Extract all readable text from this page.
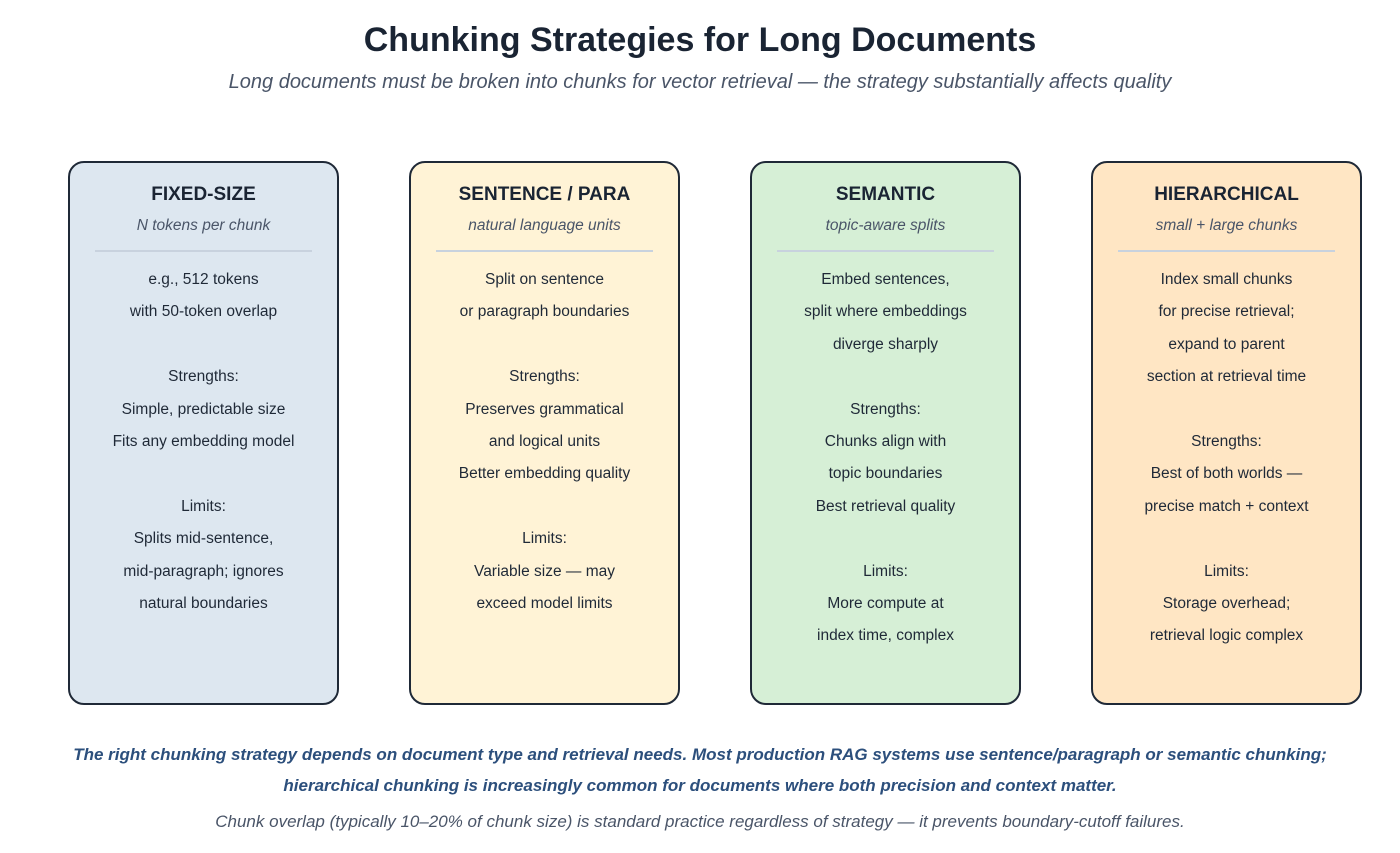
Chunking Strategies for Long Documents
Long documents must be broken into chunks for vector retrieval — the strategy substantially affects quality
FIXED-SIZE
N tokens per chunk
e.g., 512 tokens
with 50-token overlap
Strengths:
Simple, predictable size
Fits any embedding model
Limits:
Splits mid-sentence,
mid-paragraph; ignores
natural boundaries
SENTENCE / PARA
natural language units
Split on sentence
or paragraph boundaries
Strengths:
Preserves grammatical
and logical units
Better embedding quality
Limits:
Variable size — may
exceed model limits
SEMANTIC
topic-aware splits
Embed sentences,
split where embeddings
diverge sharply
Strengths:
Chunks align with
topic boundaries
Best retrieval quality
Limits:
More compute at
index time, complex
HIERARCHICAL
small + large chunks
Index small chunks
for precise retrieval;
expand to parent
section at retrieval time
Strengths:
Best of both worlds —
precise match + context
Limits:
Storage overhead;
retrieval logic complex
The right chunking strategy depends on document type and retrieval needs. Most production RAG systems use sentence/paragraph or semantic chunking;
hierarchical chunking is increasingly common for documents where both precision and context matter.
Chunk overlap (typically 10–20% of chunk size) is standard practice regardless of strategy — it prevents boundary-cutoff failures.
